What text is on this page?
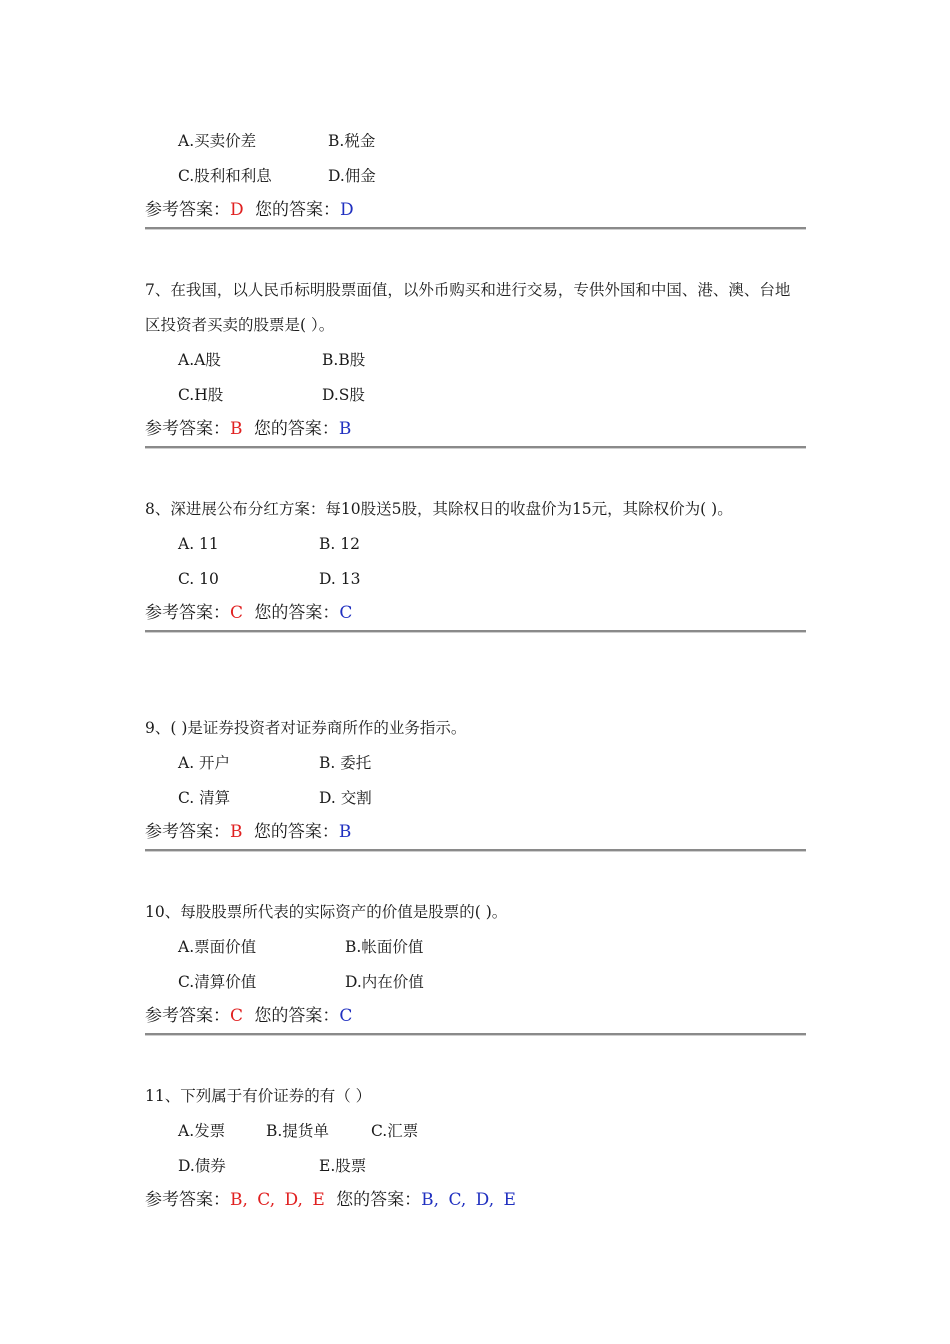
A.买卖价差	B.税金
C.股利和利息	D.佣金
参考答案：D 您的答案：D

7、在我国，以人民币标明股票面值，以外币购买和进行交易，专供外国和中国、港、澳、台地区投资者买卖的股票是( ）。

A.A股	B.B股
C.H股	D.S股
参考答案：B 您的答案：B

8、深进展公布分红方案：每10股送5股，其除权日的收盘价为15元，其除权价为( )。

A. 11	B. 12
C. 10	D. 13
参考答案：C 您的答案：C

9、( )是证券投资者对证券商所作的业务指示。

A. 开户	B. 委托
C. 清算	D. 交割
参考答案：B 您的答案：B

10、每股股票所代表的实际资产的价值是股票的( )。

A.票面价值	B.帐面价值
C.清算价值	D.内在价值
参考答案：C 您的答案：C

11、下列属于有价证券的有（ ）

A.发票	B.提货单	C.汇票
D.债券	E.股票
参考答案：B, C, D, E 您的答案：B, C, D, E
